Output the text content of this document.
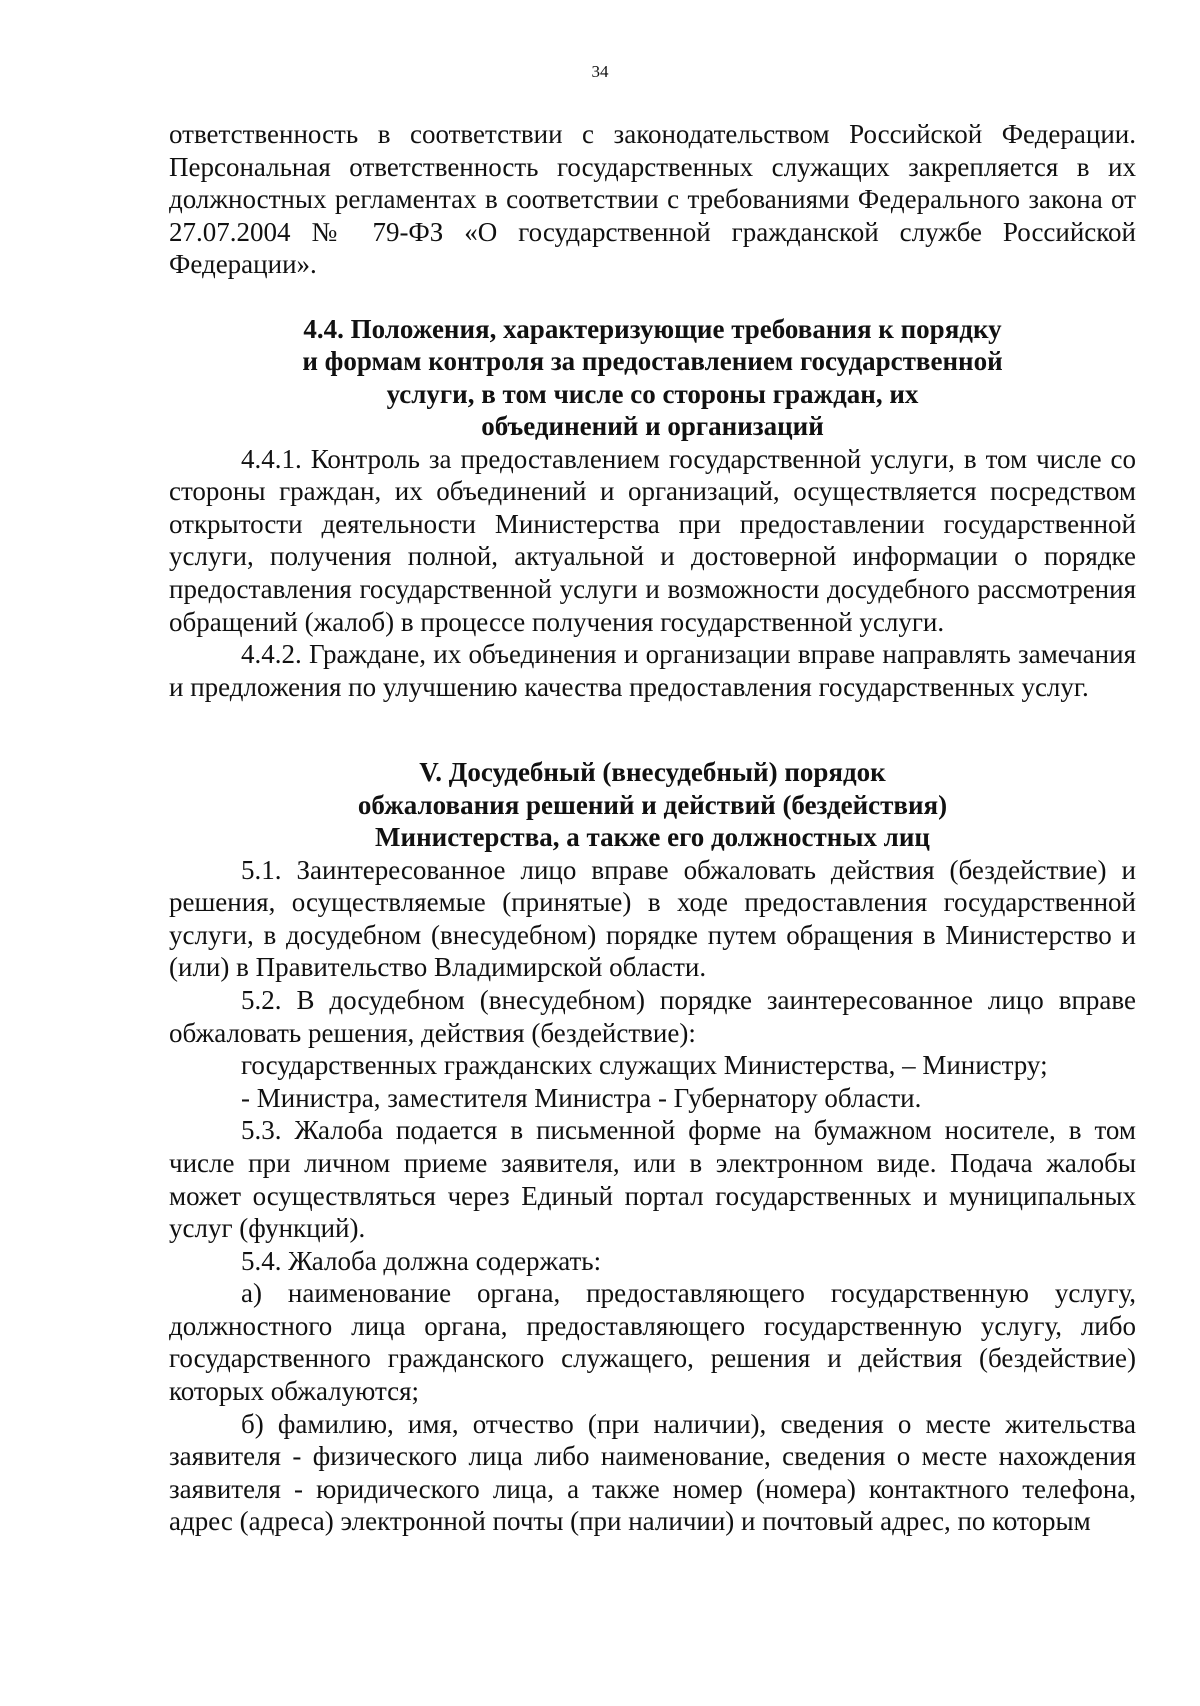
34

ответственность в соответствии с законодательством Российской Федерации. Персональная ответственность государственных служащих закрепляется в их должностных регламентах в соответствии с требованиями Федерального закона от 27.07.2004 № 79-ФЗ «О государственной гражданской службе Российской Федерации».

4.4. Положения, характеризующие требования к порядку
и формам контроля за предоставлением государственной
услуги, в том числе со стороны граждан, их
объединений и организаций

4.4.1. Контроль за предоставлением государственной услуги, в том числе со стороны граждан, их объединений и организаций, осуществляется посредством открытости деятельности Министерства при предоставлении государственной услуги, получения полной, актуальной и достоверной информации о порядке предоставления государственной услуги и возможности досудебного рассмотрения обращений (жалоб) в процессе получения государственной услуги.

4.4.2. Граждане, их объединения и организации вправе направлять замечания и предложения по улучшению качества предоставления государственных услуг.

V. Досудебный (внесудебный) порядок
обжалования решений и действий (бездействия)
Министерства, а также его должностных лиц

5.1. Заинтересованное лицо вправе обжаловать действия (бездействие) и решения, осуществляемые (принятые) в ходе предоставления государственной услуги, в досудебном (внесудебном) порядке путем обращения в Министерство и (или) в Правительство Владимирской области.

5.2. В досудебном (внесудебном) порядке заинтересованное лицо вправе обжаловать решения, действия (бездействие):

государственных гражданских служащих Министерства, – Министру;

- Министра, заместителя Министра - Губернатору области.

5.3. Жалоба подается в письменной форме на бумажном носителе, в том числе при личном приеме заявителя, или в электронном виде. Подача жалобы может осуществляться через Единый портал государственных и муниципальных услуг (функций).

5.4. Жалоба должна содержать:

а) наименование органа, предоставляющего государственную услугу, должностного лица органа, предоставляющего государственную услугу, либо государственного гражданского служащего, решения и действия (бездействие) которых обжалуются;

б) фамилию, имя, отчество (при наличии), сведения о месте жительства заявителя - физического лица либо наименование, сведения о месте нахождения заявителя - юридического лица, а также номер (номера) контактного телефона, адрес (адреса) электронной почты (при наличии) и почтовый адрес, по которым
